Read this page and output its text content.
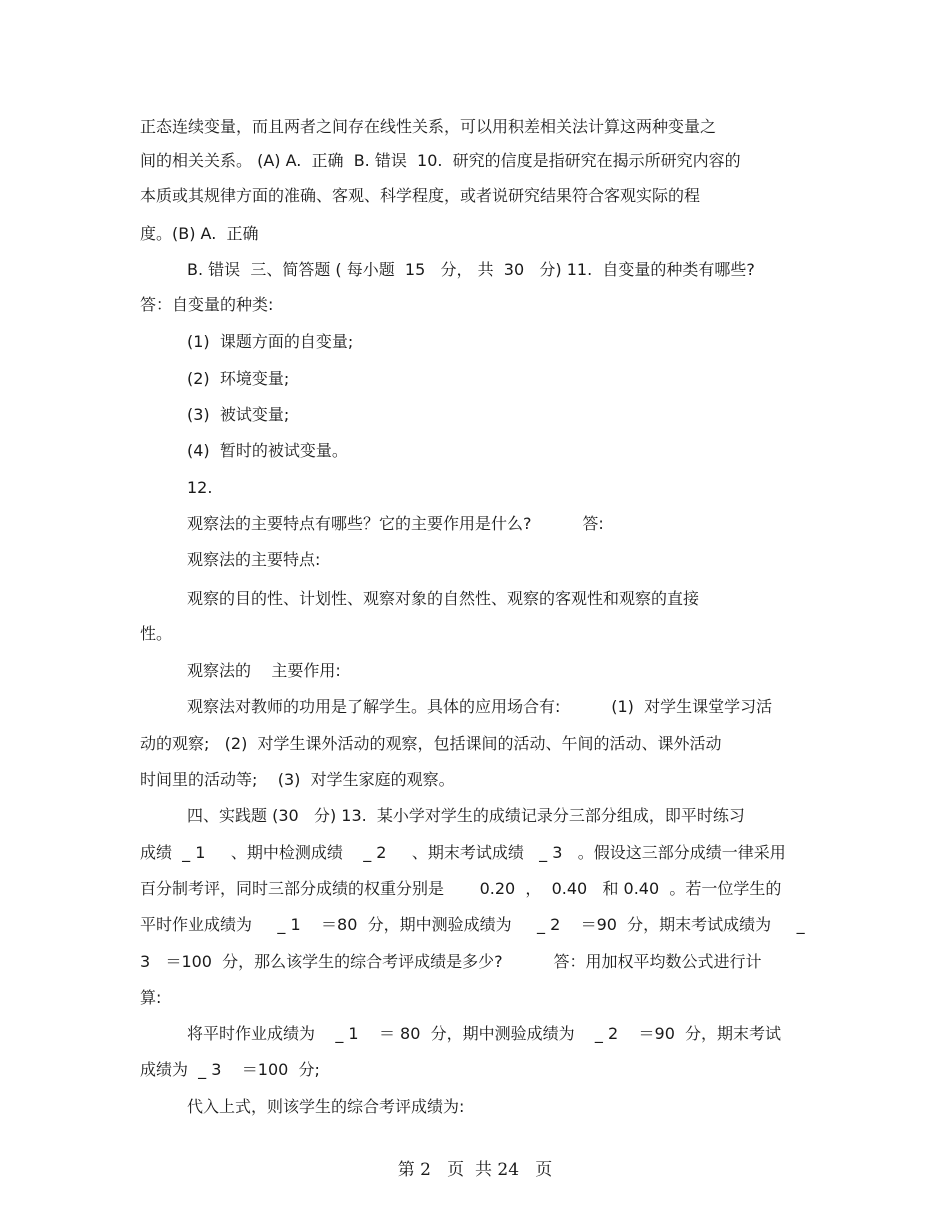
正态连续变量，而且两者之间存在线性关系，可以用积差相关法计算这两种变量之
间的相关关系。 (A) A.  正确  B. 错误  10.  研究的信度是指研究在揭示所研究内容的
本质或其规律方面的准确、客观、科学程度，或者说研究结果符合客观实际的程
度。(B) A.  正确
B. 错误  三、简答题 ( 每小题  15   分， 共  30   分) 11.  自变量的种类有哪些?
答：自变量的种类:
(1)  课题方面的自变量;
(2)  环境变量;
(3)  被试变量;
(4)  暂时的被试变量。
12.
观察法的主要特点有哪些？它的主要作用是什么?          答:
观察法的主要特点:
观察的目的性、计划性、观察对象的自然性、观察的客观性和观察的直接
性。
观察法的    主要作用:
观察法对教师的功用是了解学生。具体的应用场合有:          (1)  对学生课堂学习活
动的观察;   (2)  对学生课外活动的观察，包括课间的活动、午间的活动、课外活动
时间里的活动等;    (3)  对学生家庭的观察。
四、实践题 (30   分) 13.  某小学对学生的成绩记录分三部分组成，即平时练习
成绩  _ 1     、期中检测成绩    _ 2     、期末考试成绩   _ 3   。假设这三部分成绩一律采用
百分制考评，同时三部分成绩的权重分别是       0.20  ，  0.40   和 0.40  。若一位学生的
平时作业成绩为     _ 1    ＝80  分，期中测验成绩为     _ 2    ＝90  分，期末考试成绩为     _
3   ＝100  分，那么该学生的综合考评成绩是多少?          答：用加权平均数公式进行计
算:
将平时作业成绩为    _ 1    ＝ 80  分，期中测验成绩为    _ 2    ＝90  分，期末考试
成绩为  _ 3    ＝100  分;
代入上式，则该学生的综合考评成绩为:
第 2   页  共 24   页
